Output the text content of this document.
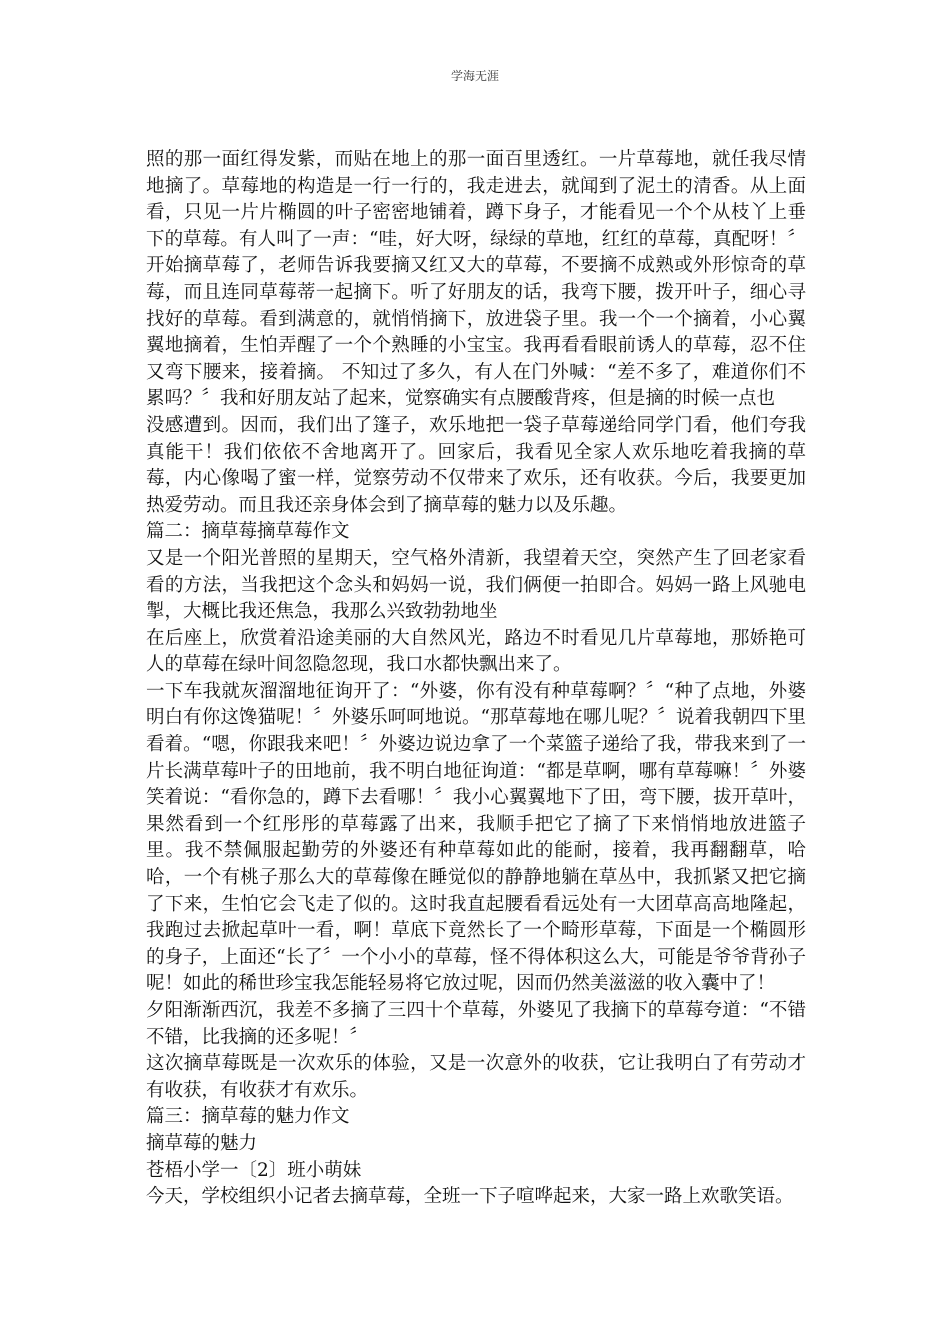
学海无涯

照的那一面红得发紫，而贴在地上的那一面百里透红。一片草莓地，就任我尽情地摘了。草莓地的构造是一行一行的，我走进去，就闻到了泥土的清香。从上面看，只见一片片椭圆的叶子密密地铺着，蹲下身子，才能看见一个个从枝丫上垂下的草莓。有人叫了一声：“哇，好大呀，绿绿的草地，红红的草莓，真配呀！〞 开始摘草莓了，老师告诉我要摘又红又大的草莓，不要摘不成熟或外形惊奇的草莓，而且连同草莓蒂一起摘下。听了好朋友的话，我弯下腰，拨开叶子，细心寻找好的草莓。看到满意的，就悄悄摘下，放进袋子里。我一个一个摘着，小心翼翼地摘着，生怕弄醒了一个个熟睡的小宝宝。我再看看眼前诱人的草莓，忍不住又弯下腰来，接着摘。 不知过了多久，有人在门外喊：“差不多了，难道你们不累吗？〞我和好朋友站了起来，觉察确实有点腰酸背疼，但是摘的时候一点也

没感遭到。因而，我们出了篷子，欢乐地把一袋子草莓递给同学门看，他们夸我真能干！我们依依不舍地离开了。回家后，我看见全家人欢乐地吃着我摘的草莓，内心像喝了蜜一样，觉察劳动不仅带来了欢乐，还有收获。今后，我要更加热爱劳动。而且我还亲身体会到了摘草莓的魅力以及乐趣。

篇二：摘草莓摘草莓作文

又是一个阳光普照的星期天，空气格外清新，我望着天空，突然产生了回老家看看的方法，当我把这个念头和妈妈一说，我们俩便一拍即合。妈妈一路上风驰电掣，大概比我还焦急，我那么兴致勃勃地坐

在后座上，欣赏着沿途美丽的大自然风光，路边不时看见几片草莓地，那娇艳可人的草莓在绿叶间忽隐忽现，我口水都快飘出来了。

一下车我就灰溜溜地征询开了：“外婆，你有没有种草莓啊？〞“种了点地，外婆明白有你这馋猫呢！〞外婆乐呵呵地说。“那草莓地在哪儿呢？〞说着我朝四下里看着。“嗯，你跟我来吧！〞外婆边说边拿了一个菜篮子递给了我，带我来到了一片长满草莓叶子的田地前，我不明白地征询道：“都是草啊，哪有草莓嘛！〞外婆笑着说：“看你急的，蹲下去看哪！〞我小心翼翼地下了田，弯下腰，拔开草叶，果然看到一个红彤彤的草莓露了出来，我顺手把它了摘了下来悄悄地放进篮子里。我不禁佩服起勤劳的外婆还有种草莓如此的能耐，接着，我再翻翻草，哈哈，一个有桃子那么大的草莓像在睡觉似的静静地躺在草丛中，我抓紧又把它摘了下来，生怕它会飞走了似的。这时我直起腰看看远处有一大团草高高地隆起，我跑过去掀起草叶一看，啊！草底下竟然长了一个畸形草莓，下面是一个椭圆形的身子，上面还“长了〞一个小小的草莓，怪不得体积这么大，可能是爷爷背孙子呢！如此的稀世珍宝我怎能轻易将它放过呢，因而仍然美滋滋的收入囊中了！

夕阳渐渐西沉，我差不多摘了三四十个草莓，外婆见了我摘下的草莓夸道：“不错不错，比我摘的还多呢！〞

这次摘草莓既是一次欢乐的体验，又是一次意外的收获，它让我明白了有劳动才有收获，有收获才有欢乐。

篇三：摘草莓的魅力作文

摘草莓的魅力

苍梧小学一〔2〕班小萌妹

今天，学校组织小记者去摘草莓，全班一下子喧哗起来，大家一路上欢歌笑语。
